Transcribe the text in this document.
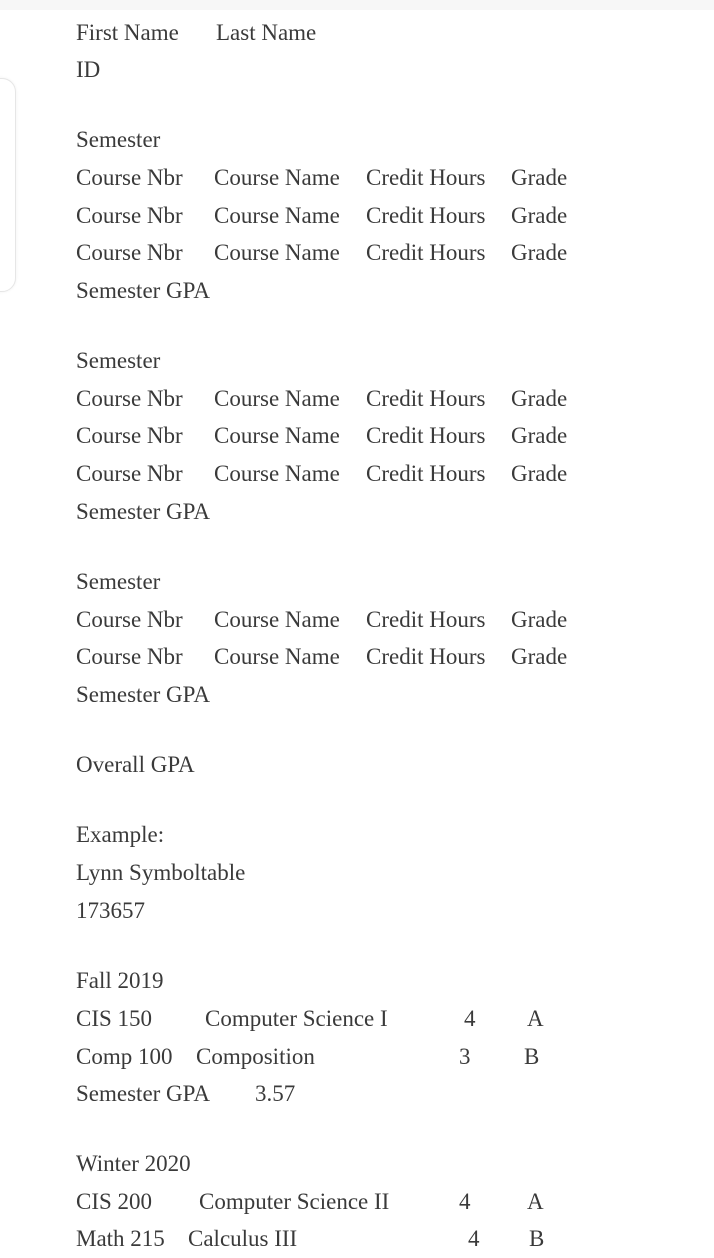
First Name Last Name
ID
Semester
Course Nbr Course Name Credit Hours Grade
Course Nbr Course Name Credit Hours Grade
Course Nbr Course Name Credit Hours Grade
Semester GPA
Semester
Course Nbr Course Name Credit Hours Grade
Course Nbr Course Name Credit Hours Grade
Course Nbr Course Name Credit Hours Grade
Semester GPA
Semester
Course Nbr Course Name Credit Hours Grade
Course Nbr Course Name Credit Hours Grade
Semester GPA
Overall GPA
Example:
Lynn Symboltable
173657
Fall 2019
CIS 150 Computer Science I	4 A
Comp 100 Composition	3 B
Semester GPA 3.57
Winter 2020
CIS 200 Computer Science II	4 A
Math 215 Calculus III	4 B
